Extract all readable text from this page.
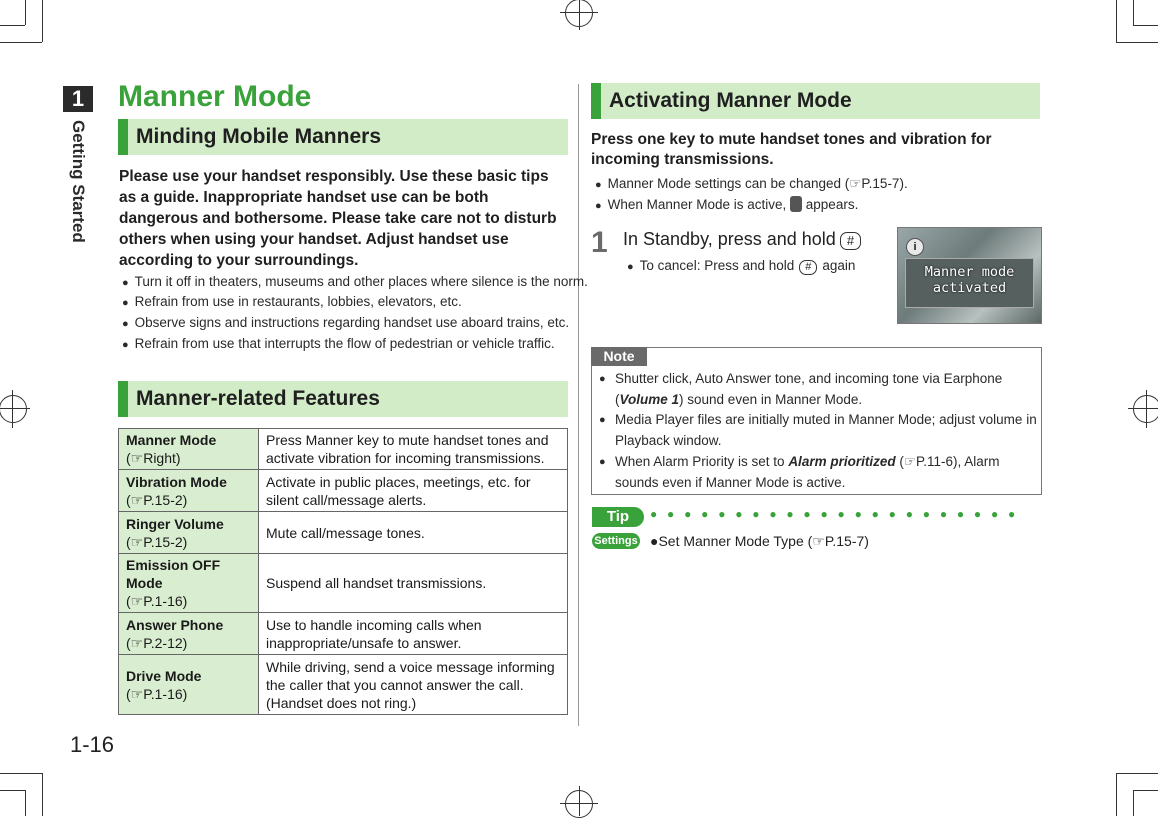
1
Getting Started
1-16
Manner Mode
Minding Mobile Manners
Please use your handset responsibly. Use these basic tips as a guide. Inappropriate handset use can be both dangerous and bothersome. Please take care not to disturb others when using your handset. Adjust handset use according to your surroundings.
● Turn it off in theaters, museums and other places where silence is the norm.
● Refrain from use in restaurants, lobbies, elevators, etc.
● Observe signs and instructions regarding handset use aboard trains, etc.
● Refrain from use that interrupts the flow of pedestrian or vehicle traffic.
Manner-related Features
Manner Mode
(☞Right)	Press Manner key to mute handset tones and activate vibration for incoming transmissions.

Vibration Mode
(☞P.15-2)	Activate in public places, meetings, etc. for silent call/message alerts.

Ringer Volume
(☞P.15-2)	Mute call/message tones.

Emission OFF Mode
(☞P.1-16)	Suspend all handset transmissions.

Answer Phone
(☞P.2-12)	Use to handle incoming calls when inappropriate/unsafe to answer.

Drive Mode
(☞P.1-16)	While driving, send a voice message informing the caller that you cannot answer the call. (Handset does not ring.)
Activating Manner Mode
Press one key to mute handset tones and vibration for incoming transmissions.
● Manner Mode settings can be changed (☞P.15-7).
● When Manner Mode is active, appears.
1 In Standby, press and hold #
● To cancel: Press and hold # again
i
Manner mode
activated
Note
● Shutter click, Auto Answer tone, and incoming tone via Earphone (Volume 1) sound even in Manner Mode.
● Media Player files are initially muted in Manner Mode; adjust volume in Playback window.
● When Alarm Priority is set to Alarm prioritized (☞P.11-6), Alarm sounds even if Manner Mode is active.
Tip	●●●●●●●●●●●●●●●●●●●●●●
Settings ●Set Manner Mode Type (☞P.15-7)
